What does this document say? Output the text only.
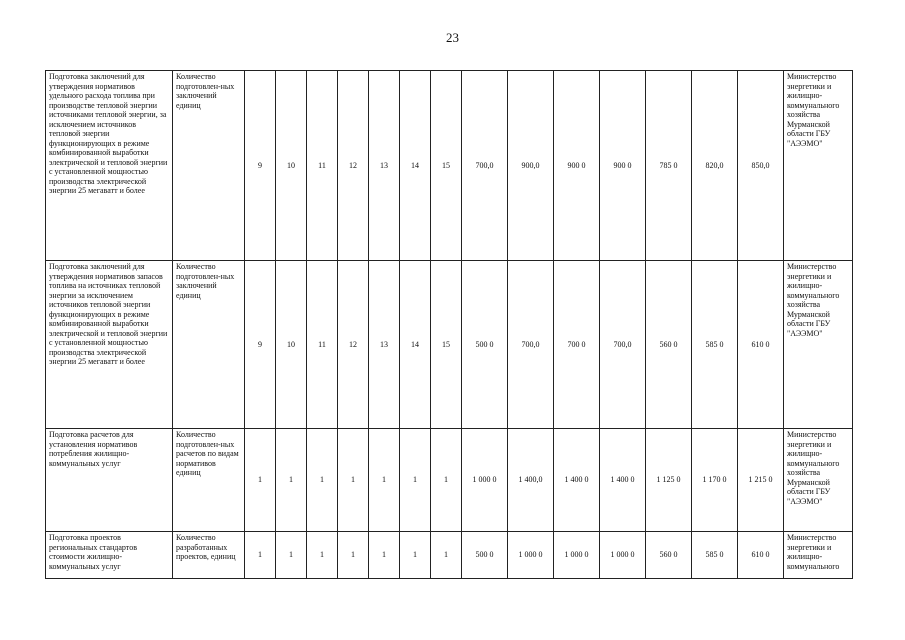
23
Подготовка заключений для утверждения нормативов удельного расхода топлива при производстве тепловой энергии источниками тепловой энергии, за исключением источников тепловой энергии функционирующих в режиме комбинированной выработки электрической и тепловой энергии с установленной мощностью производства электрической энергии 25 мегаватт и более	Количество подготовлен-ных заключений единиц	9	10	11	12	13	14	15	700,0	900,0	900 0	900 0	785 0	820,0	850,0	Министерство энергетики и жилищно-коммунального хозяйства Мурманской области ГБУ "АЭЭМО"

Подготовка заключений для утверждения нормативов запасов топлива на источниках тепловой энергии за исключением источников тепловой энергии функционирующих в режиме комбинированной выработки электрической и тепловой энергии с установленной мощностью производства электрической энергии 25 мегаватт и более	Количество подготовлен-ных заключений единиц	9	10	11	12	13	14	15	500 0	700,0	700 0	700,0	560 0	585 0	610 0	Министерство энергетики и жилищно-коммунального хозяйства Мурманской области ГБУ "АЭЭМО"

Подготовка расчетов для установления нормативов потребления жилищно-коммунальных услуг	Количество подготовлен-ных расчетов по видам нормативов единиц	1	1	1	1	1	1	1	1 000 0	1 400,0	1 400 0	1 400 0	1 125 0	1 170 0	1 215 0	Министерство энергетики и жилищно-коммунального хозяйства Мурманской области ГБУ "АЭЭМО"

Подготовка проектов региональных стандартов стоимости жилищно-коммунальных услуг	Количество разработанных проектов, единиц	1	1	1	1	1	1	1	500 0	1 000 0	1 000 0	1 000 0	560 0	585 0	610 0	Министерство энергетики и жилищно-коммунального
